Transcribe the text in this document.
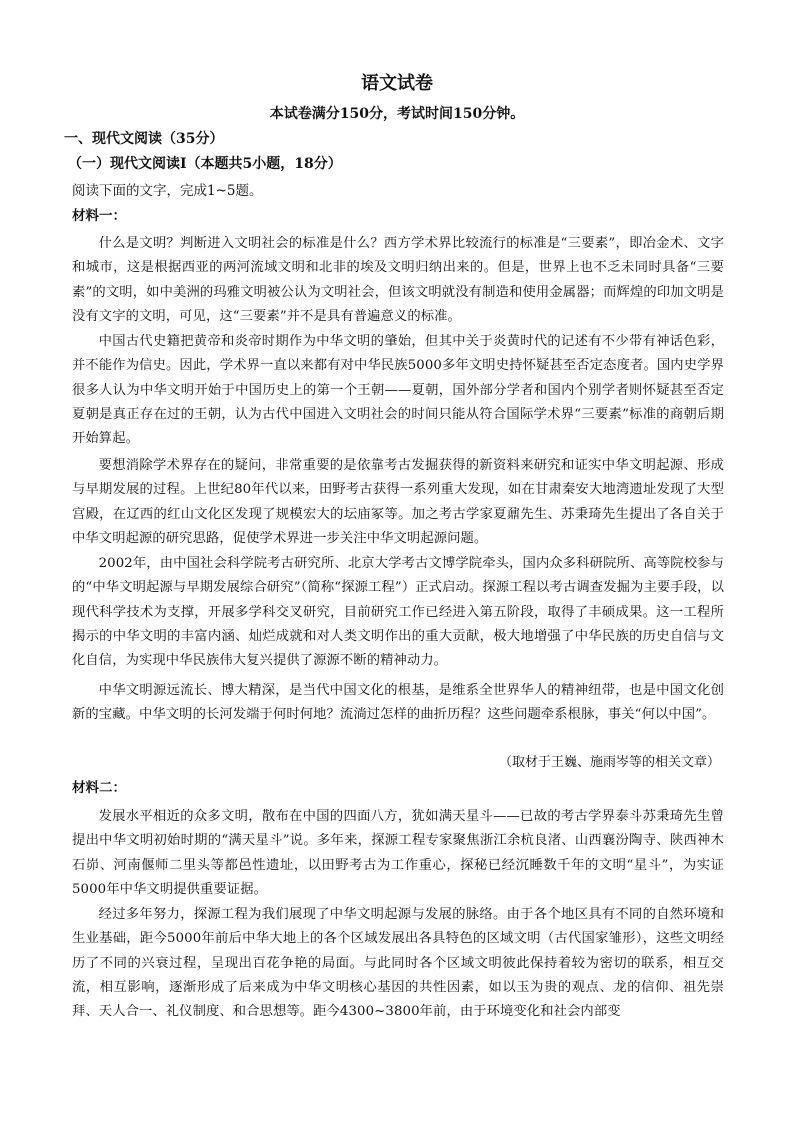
语文试卷
本试卷满分150分，考试时间150分钟。
一、现代文阅读（35分）
（一）现代文阅读Ⅰ（本题共5小题，18分）
阅读下面的文字，完成1~5题。
材料一：

什么是文明？判断进入文明社会的标准是什么？西方学术界比较流行的标准是“三要素”，即冶金术、文字和城市，这是根据西亚的两河流域文明和北非的埃及文明归纳出来的。但是，世界上也不乏未同时具备“三要素”的文明，如中美洲的玛雅文明被公认为文明社会，但该文明就没有制造和使用金属器；而辉煌的印加文明是没有文字的文明，可见，这“三要素”并不是具有普遍意义的标准。

中国古代史籍把黄帝和炎帝时期作为中华文明的肇始，但其中关于炎黄时代的记述有不少带有神话色彩，并不能作为信史。因此，学术界一直以来都有对中华民族5000多年文明史持怀疑甚至否定态度者。国内史学界很多人认为中华文明开始于中国历史上的第一个王朝——夏朝，国外部分学者和国内个别学者则怀疑甚至否定夏朝是真正存在过的王朝，认为古代中国进入文明社会的时间只能从符合国际学术界“三要素”标准的商朝后期开始算起。

要想消除学术界存在的疑问，非常重要的是依靠考古发掘获得的新资料来研究和证实中华文明起源、形成与早期发展的过程。上世纪80年代以来，田野考古获得一系列重大发现，如在甘肃秦安大地湾遗址发现了大型宫殿，在辽西的红山文化区发现了规模宏大的坛庙冢等。加之考古学家夏鼐先生、苏秉琦先生提出了各自关于中华文明起源的研究思路，促使学术界进一步关注中华文明起源问题。

2002年，由中国社会科学院考古研究所、北京大学考古文博学院牵头，国内众多科研院所、高等院校参与的“中华文明起源与早期发展综合研究”（简称“探源工程”）正式启动。探源工程以考古调查发掘为主要手段，以现代科学技术为支撑，开展多学科交叉研究，目前研究工作已经进入第五阶段，取得了丰硕成果。这一工程所揭示的中华文明的丰富内涵、灿烂成就和对人类文明作出的重大贡献，极大地增强了中华民族的历史自信与文化自信，为实现中华民族伟大复兴提供了源源不断的精神动力。

中华文明源远流长、博大精深，是当代中国文化的根基，是维系全世界华人的精神纽带，也是中国文化创新的宝藏。中华文明的长河发端于何时何地？流淌过怎样的曲折历程？这些问题牵系根脉，事关“何以中国”。

（取材于王巍、施雨岑等的相关文章）
材料二：

发展水平相近的众多文明，散布在中国的四面八方，犹如满天星斗——已故的考古学界泰斗苏秉琦先生曾提出中华文明初始时期的“满天星斗”说。多年来，探源工程专家聚焦浙江余杭良渚、山西襄汾陶寺、陕西神木石峁、河南偃师二里头等都邑性遗址，以田野考古为工作重心，探秘已经沉睡数千年的文明“星斗”，为实证5000年中华文明提供重要证据。

经过多年努力，探源工程为我们展现了中华文明起源与发展的脉络。由于各个地区具有不同的自然环境和生业基础，距今5000年前后中华大地上的各个区域发展出各具特色的区域文明（古代国家雏形），这些文明经历了不同的兴衰过程，呈现出百花争艳的局面。与此同时各个区域文明彼此保持着较为密切的联系，相互交流，相互影响，逐渐形成了后来成为中华文明核心基因的共性因素，如以玉为贵的观点、龙的信仰、祖先崇拜、天人合一、礼仪制度、和合思想等。距今4300~3800年前，由于环境变化和社会内部变
